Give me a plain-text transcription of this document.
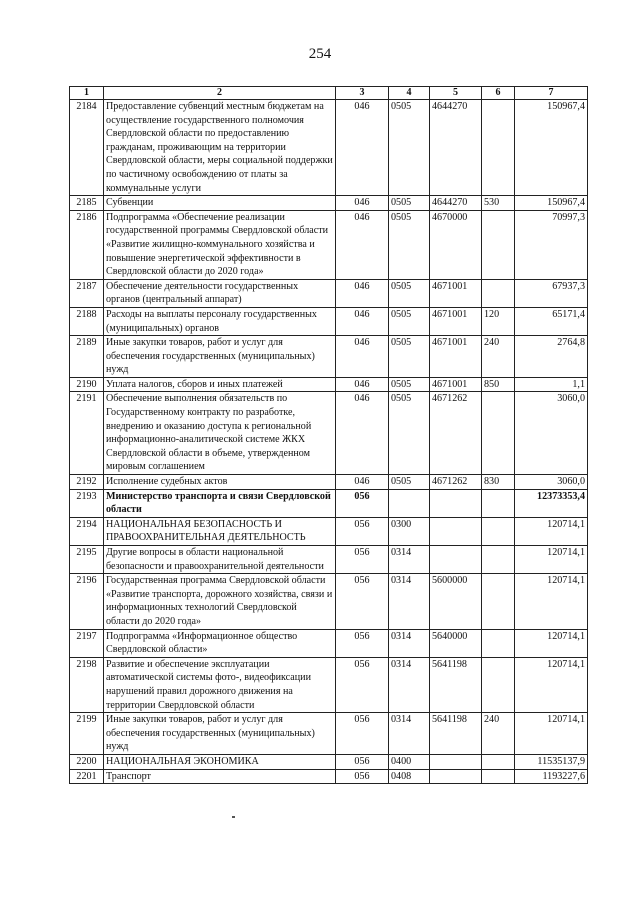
254
1	2	3	4	5	6	7
2184	Предоставление субвенций местным бюджетам на осуществление государственного полномочия Свердловской области по предоставлению гражданам, проживающим на территории Свердловской области, меры социальной поддержки по частичному освобождению от платы за коммунальные услуги	046	0505	4644270		150967,4
2185	Субвенции	046	0505	4644270	530	150967,4
2186	Подпрограмма «Обеспечение реализации государственной программы Свердловской области «Развитие жилищно-коммунального хозяйства и повышение энергетической эффективности в Свердловской области до 2020 года»	046	0505	4670000		70997,3
2187	Обеспечение деятельности государственных органов (центральный аппарат)	046	0505	4671001		67937,3
2188	Расходы на выплаты персоналу государственных (муниципальных) органов	046	0505	4671001	120	65171,4
2189	Иные закупки товаров, работ и услуг для обеспечения государственных (муниципальных) нужд	046	0505	4671001	240	2764,8
2190	Уплата налогов, сборов и иных платежей	046	0505	4671001	850	1,1
2191	Обеспечение выполнения обязательств по Государственному контракту по разработке, внедрению и оказанию доступа к региональной информационно-аналитической системе ЖКХ Свердловской области в объеме, утвержденном мировым соглашением	046	0505	4671262		3060,0
2192	Исполнение судебных актов	046	0505	4671262	830	3060,0
2193	Министерство транспорта и связи Свердловской области	056				12373353,4
2194	НАЦИОНАЛЬНАЯ БЕЗОПАСНОСТЬ И ПРАВООХРАНИТЕЛЬНАЯ ДЕЯТЕЛЬНОСТЬ	056	0300			120714,1
2195	Другие вопросы в области национальной безопасности и правоохранительной деятельности	056	0314			120714,1
2196	Государственная программа Свердловской области «Развитие транспорта, дорожного хозяйства, связи и информационных технологий Свердловской области до 2020 года»	056	0314	5600000		120714,1
2197	Подпрограмма «Информационное общество Свердловской области»	056	0314	5640000		120714,1
2198	Развитие и обеспечение эксплуатации автоматической системы фото-, видеофиксации нарушений правил дорожного движения на территории Свердловской области	056	0314	5641198		120714,1
2199	Иные закупки товаров, работ и услуг для обеспечения государственных (муниципальных) нужд	056	0314	5641198	240	120714,1
2200	НАЦИОНАЛЬНАЯ ЭКОНОМИКА	056	0400			11535137,9
2201	Транспорт	056	0408			1193227,6
